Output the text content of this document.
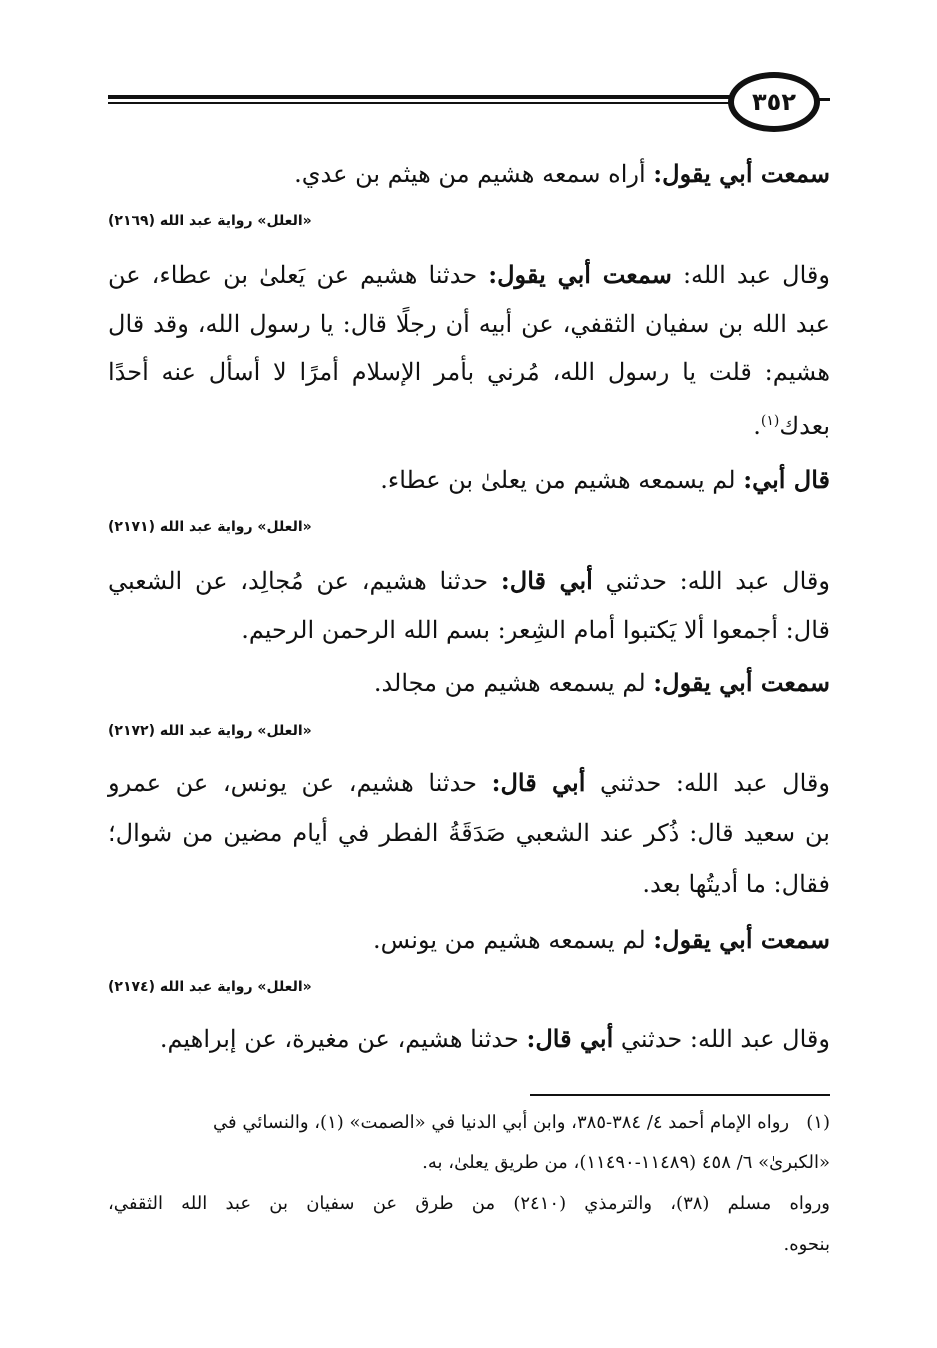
٣٥٢
سمعت أبي يقول: أراه سمعه هشيم من هيثم بن عدي.
«العلل» رواية عبد الله (٢١٦٩)
وقال عبد الله: سمعت أبي يقول: حدثنا هشيم عن يَعلىٰ بن عطاء، عن
عبد الله بن سفيان الثقفي، عن أبيه أن رجلًا قال: يا رسول الله، وقد قال
هشيم: قلت يا رسول الله، مُرني بأمر الإسلام أمرًا لا أسأل عنه أحدًا
بعدك$^{(١)}$.
قال أبي: لم يسمعه هشيم من يعلىٰ بن عطاء.
«العلل» رواية عبد الله (٢١٧١)
وقال عبد الله: حدثني أبي قال: حدثنا هشيم، عن مُجالِد، عن الشعبي
قال: أجمعوا ألا يَكتبوا أمام الشِعر: بسم الله الرحمن الرحيم.
سمعت أبي يقول: لم يسمعه هشيم من مجالد.
«العلل» رواية عبد الله (٢١٧٢)
وقال عبد الله: حدثني أبي قال: حدثنا هشيم، عن يونس، عن عمرو
بن سعيد قال: ذُكر عند الشعبي صَدَقَةُ الفطر في أيام مضين من شوال؛
فقال: ما أديتُها بعد.
سمعت أبي يقول: لم يسمعه هشيم من يونس.
«العلل» رواية عبد الله (٢١٧٤)
وقال عبد الله: حدثني أبي قال: حدثنا هشيم، عن مغيرة، عن إبراهيم.
(١)   رواه الإمام أحمد ٤/ ٣٨٤-٣٨٥، وابن أبي الدنيا في «الصمت» (١)، والنسائي في
«الكبرىٰ» ٦/ ٤٥٨ (١١٤٨٩-١١٤٩٠)، من طريق يعلىٰ، به.
ورواه مسلم (٣٨)، والترمذي (٢٤١٠) من طرق عن سفيان بن عبد الله الثقفي،
بنحوه.
